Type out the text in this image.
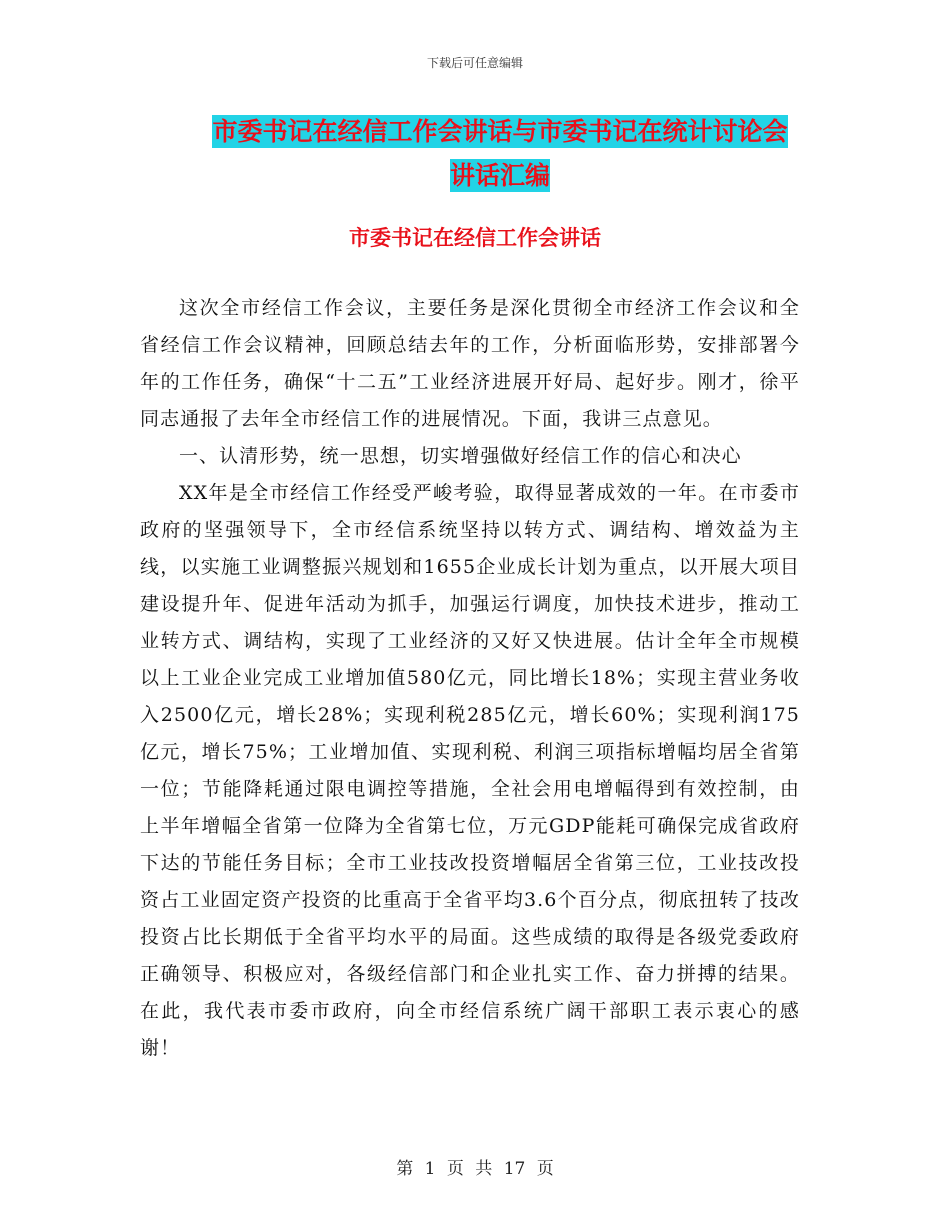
下载后可任意编辑
市委书记在经信工作会讲话与市委书记在统计讨论会
讲话汇编
市委书记在经信工作会讲话

这次全市经信工作会议，主要任务是深化贯彻全市经济工作会议和全省经信工作会议精神，回顾总结去年的工作，分析面临形势，安排部署今年的工作任务，确保“十二五”工业经济进展开好局、起好步。刚才，徐平同志通报了去年全市经信工作的进展情况。下面，我讲三点意见。

一、认清形势，统一思想，切实增强做好经信工作的信心和决心

XX年是全市经信工作经受严峻考验，取得显著成效的一年。在市委市政府的坚强领导下，全市经信系统坚持以转方式、调结构、增效益为主线，以实施工业调整振兴规划和1655企业成长计划为重点，以开展大项目建设提升年、促进年活动为抓手，加强运行调度，加快技术进步，推动工业转方式、调结构，实现了工业经济的又好又快进展。估计全年全市规模以上工业企业完成工业增加值580亿元，同比增长18%；实现主营业务收入2500亿元，增长28%；实现利税285亿元，增长60%；实现利润175亿元，增长75%；工业增加值、实现利税、利润三项指标增幅均居全省第一位；节能降耗通过限电调控等措施，全社会用电增幅得到有效控制，由上半年增幅全省第一位降为全省第七位，万元GDP能耗可确保完成省政府下达的节能任务目标；全市工业技改投资增幅居全省第三位，工业技改投资占工业固定资产投资的比重高于全省平均3.6个百分点，彻底扭转了技改投资占比长期低于全省平均水平的局面。这些成绩的取得是各级党委政府正确领导、积极应对，各级经信部门和企业扎实工作、奋力拼搏的结果。在此，我代表市委市政府，向全市经信系统广阔干部职工表示衷心的感谢！

第 1 页 共 17 页
